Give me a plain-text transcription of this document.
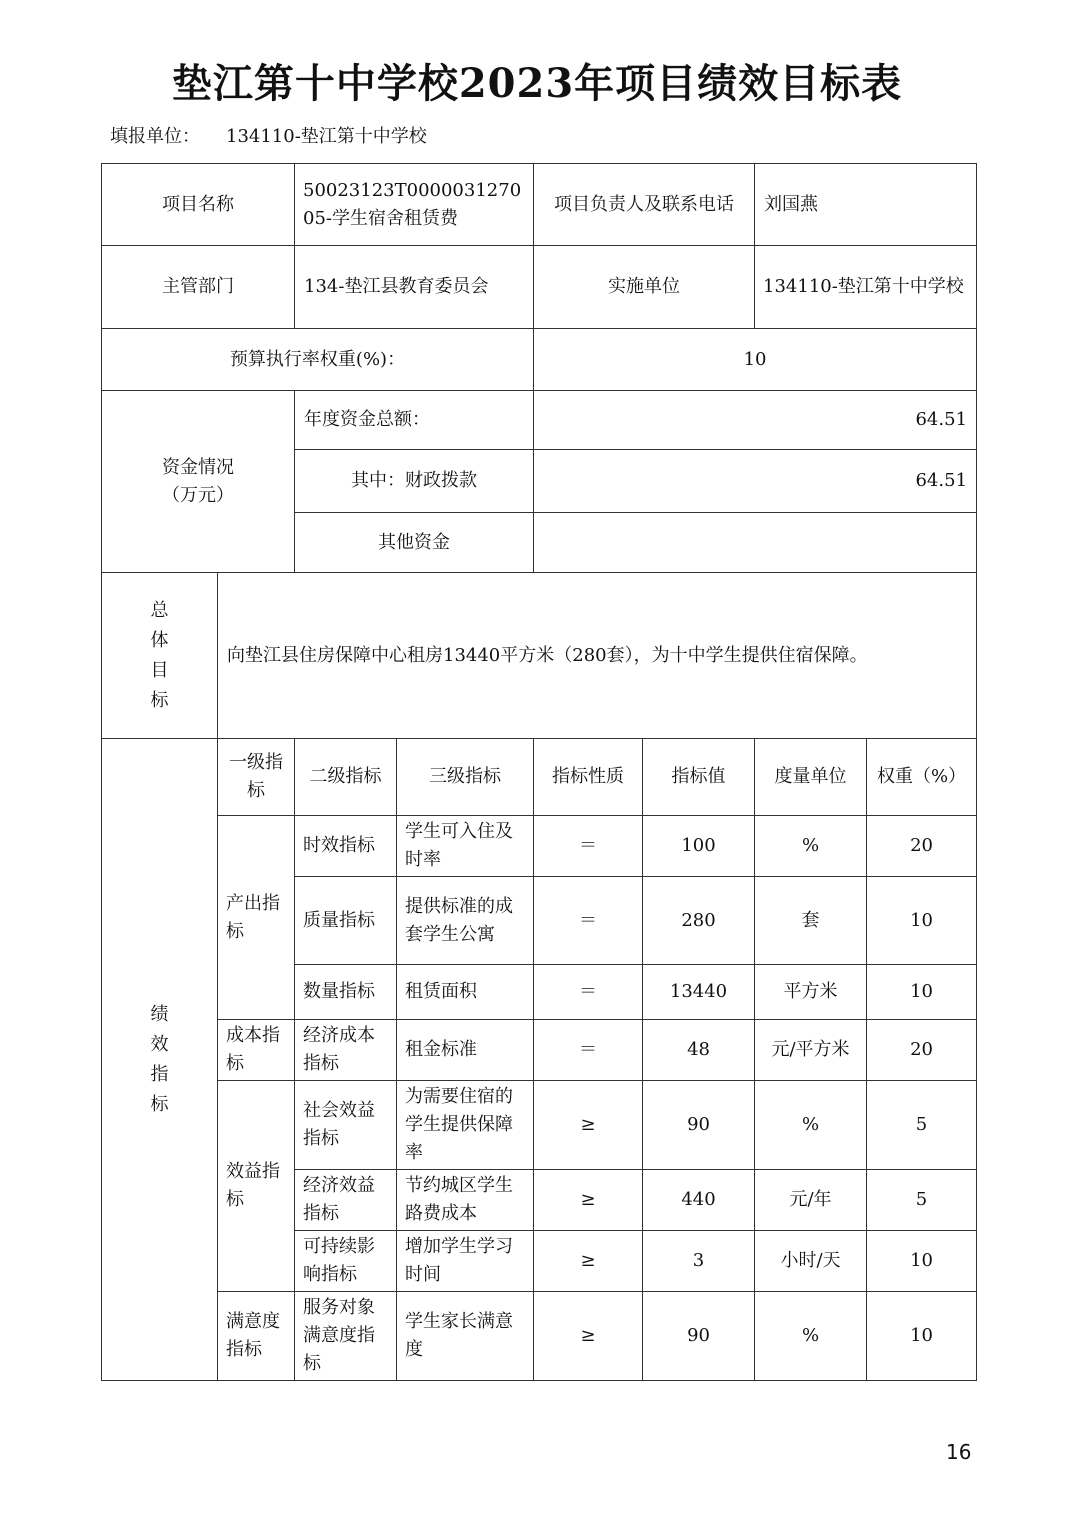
垫江第十中学校2023年项目绩效目标表
填报单位： 134110-垫江第十中学校
项目名称		50023123T000003127005-学生宿舍租赁费		项目负责人及联系电话		刘国燕	
主管部门		134-垫江县教育委员会		实施单位		134110-垫江第十中学校	
预算执行率权重(%)：				10			

资金情况（万元）		年度资金总额：		64.51			
		其中：财政拨款		64.51			
		其他资金					

总体目标	向垫江县住房保障中心租房13440平方米（280套），为十中学生提供住宿保障。						

绩效指标	一级指标	二级指标	三级指标	指标性质	指标值	度量单位	权重（%）
	产出指标	时效指标	学生可入住及时率	＝	100	%	20
		质量指标	提供标准的成套学生公寓	＝	280	套	10
		数量指标	租赁面积	＝	13440	平方米	10
	成本指标	经济成本指标	租金标准	＝	48	元/平方米	20
	效益指标	社会效益指标	为需要住宿的学生提供保障率	≥	90	%	5
		经济效益指标	节约城区学生路费成本	≥	440	元/年	5
		可持续影响指标	增加学生学习时间	≥	3	小时/天	10
	满意度指标	服务对象满意度指标	学生家长满意度	≥	90	%	10
16
